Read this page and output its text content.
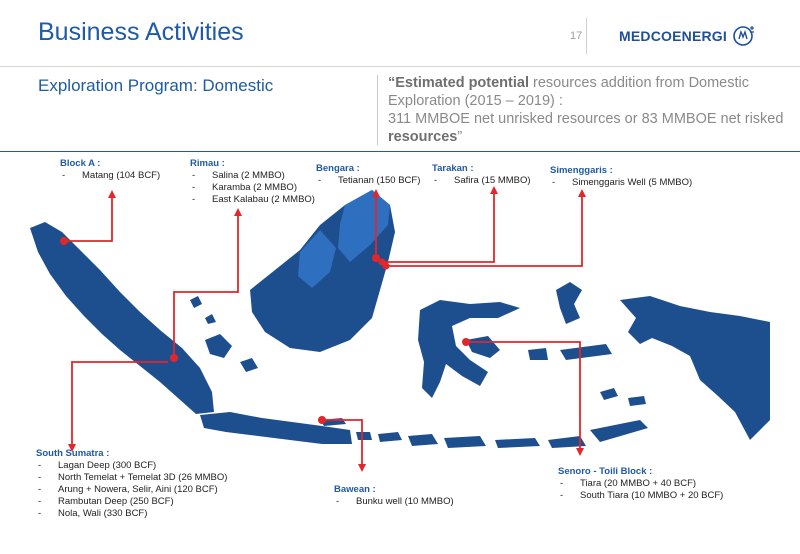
Business Activities	17	MEDCOENERGI
Exploration Program: Domestic	“Estimated potential resources addition from Domestic Exploration (2015 – 2019) :
311 MMBOE net unrisked resources or 83 MMBOE net risked resources”
Block A :
- Matang (104 BCF)
Rimau :
- Salina (2 MMBO)
- Karamba (2 MMBO)
- East Kalabau (2 MMBO)
Bengara :
- Tetianan (150 BCF)
Tarakan :
- Safira (15 MMBO)
Simenggaris :
- Simenggaris Well (5 MMBO)
South Sumatra :
- Lagan Deep (300 BCF)
- North Temelat + Temelat 3D (26 MMBO)
- Arung + Nowera, Selir, Aini (120 BCF)
- Rambutan Deep (250 BCF)
- Nola, Wali (330 BCF)
Bawean :
- Bunku well (10 MMBO)
Senoro - Toili Block :
- Tiara (20 MMBO + 40 BCF)
- South Tiara (10 MMBO + 20 BCF)
